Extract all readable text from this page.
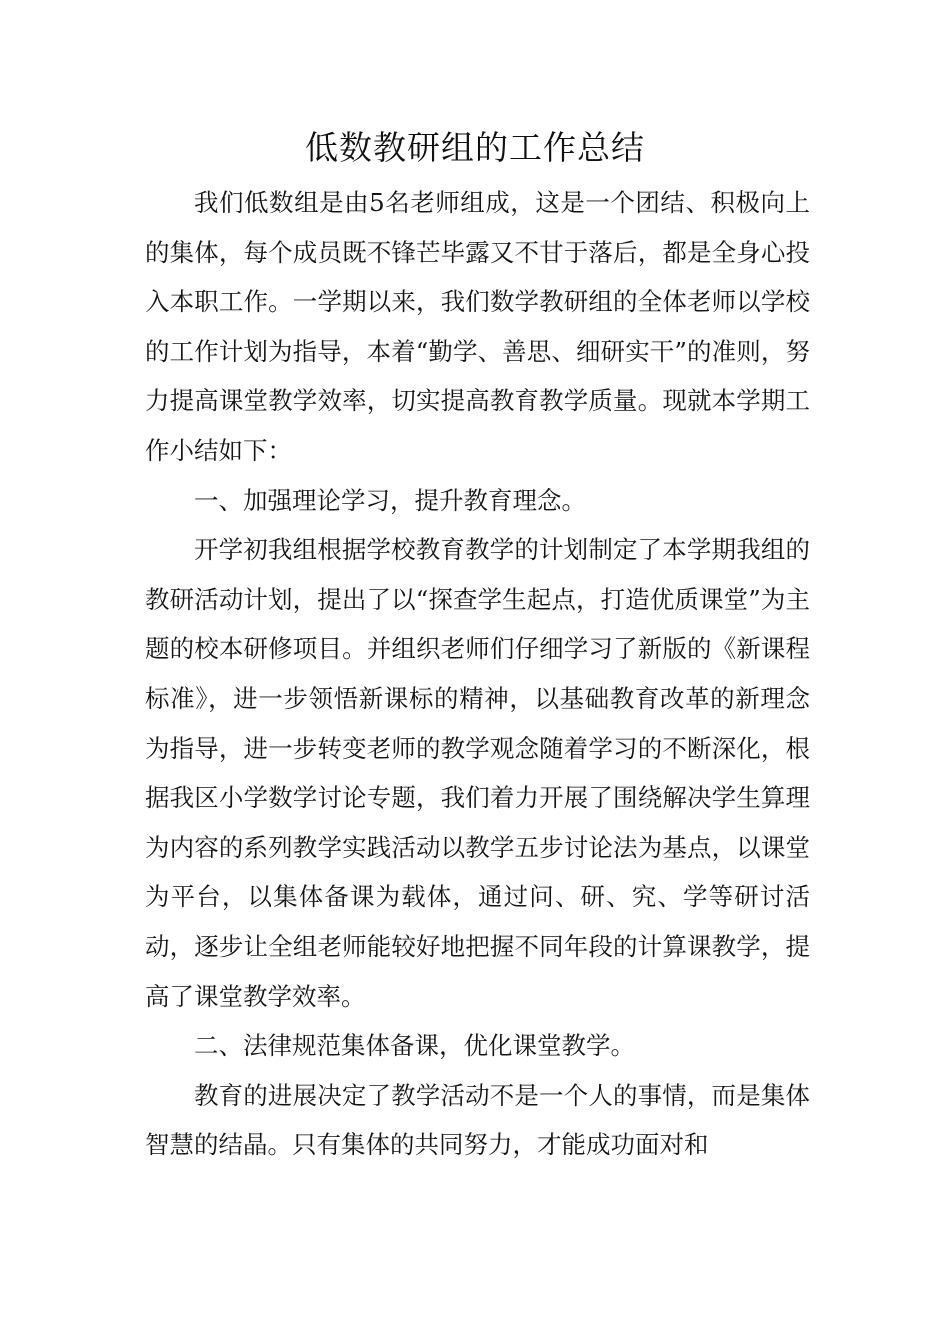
低数教研组的工作总结

我们低数组是由5名老师组成，这是一个团结、积极向上的集体，每个成员既不锋芒毕露又不甘于落后，都是全身心投入本职工作。一学期以来，我们数学教研组的全体老师以学校的工作计划为指导，本着“勤学、善思、细研实干”的准则，努力提高课堂教学效率，切实提高教育教学质量。现就本学期工作小结如下：

一、加强理论学习，提升教育理念。

开学初我组根据学校教育教学的计划制定了本学期我组的教研活动计划，提出了以“探查学生起点，打造优质课堂”为主题的校本研修项目。并组织老师们仔细学习了新版的《新课程标准》，进一步领悟新课标的精神，以基础教育改革的新理念为指导，进一步转变老师的教学观念随着学习的不断深化，根据我区小学数学讨论专题，我们着力开展了围绕解决学生算理为内容的系列教学实践活动以教学五步讨论法为基点，以课堂为平台，以集体备课为载体，通过问、研、究、学等研讨活动，逐步让全组老师能较好地把握不同年段的计算课教学，提高了课堂教学效率。

二、法律规范集体备课，优化课堂教学。

教育的进展决定了教学活动不是一个人的事情，而是集体智慧的结晶。只有集体的共同努力，才能成功面对和
